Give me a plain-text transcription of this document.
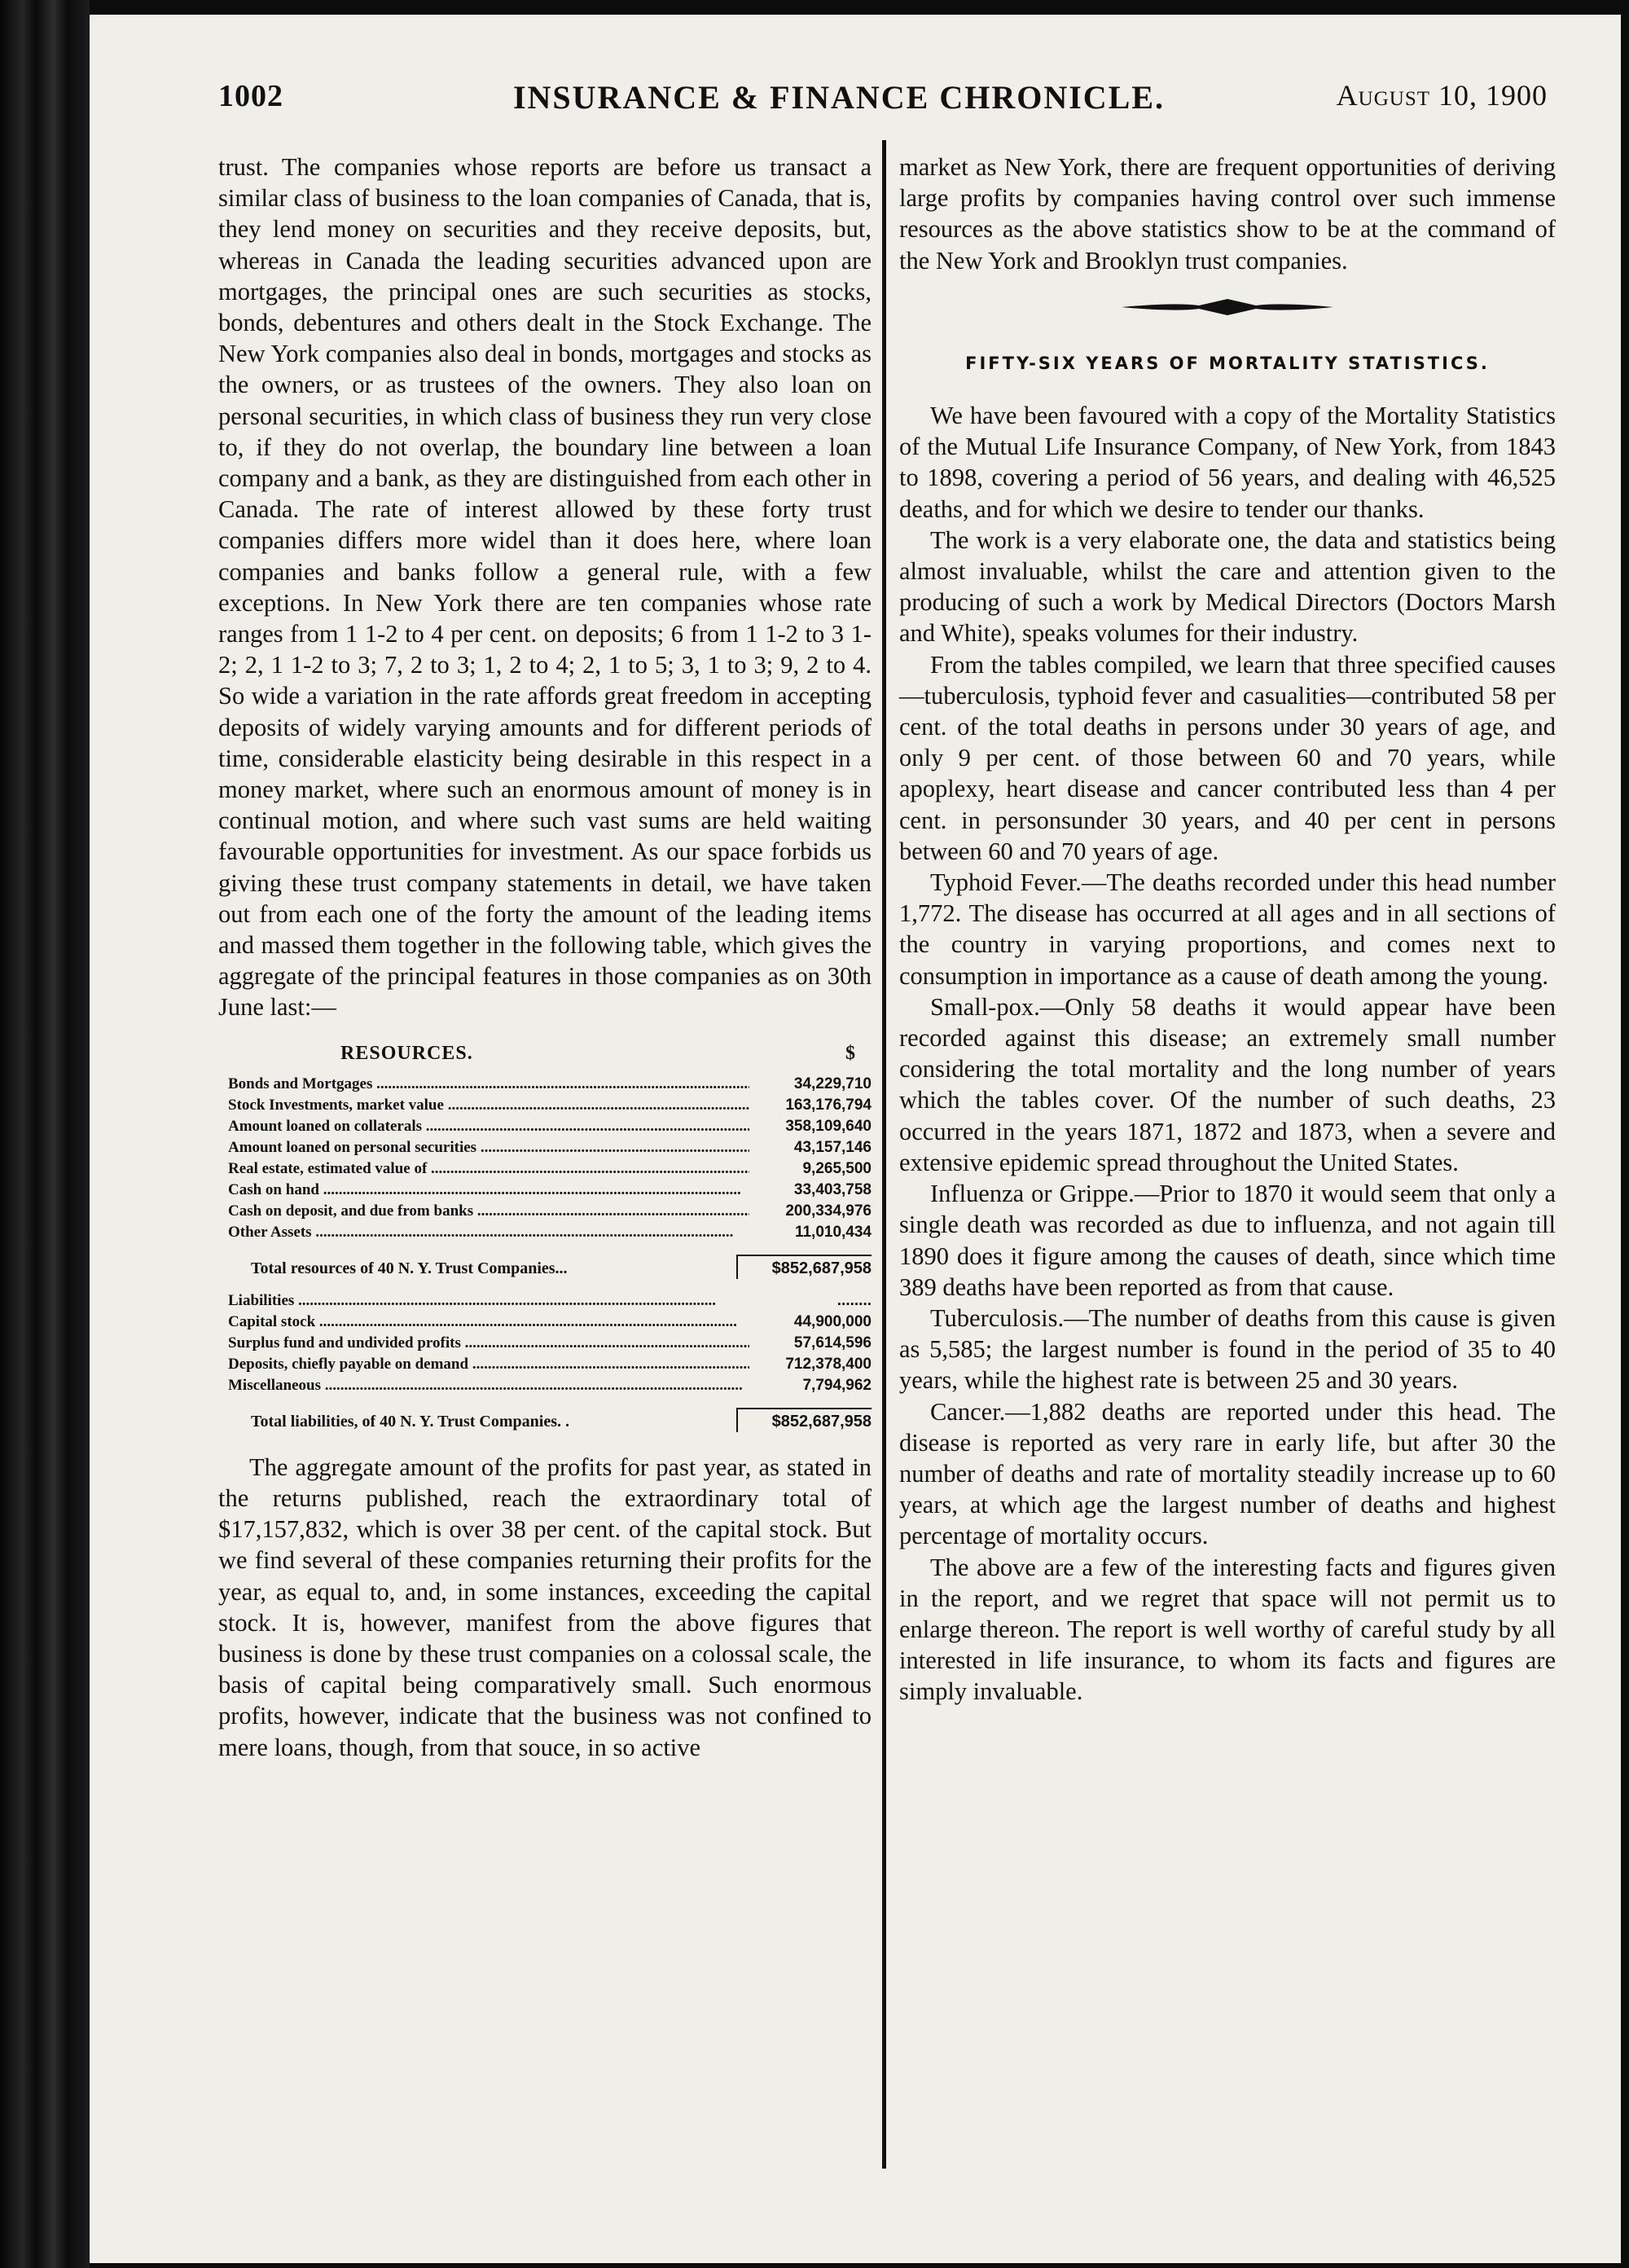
1002	INSURANCE & FINANCE CHRONICLE.	August 10, 1900

trust. The companies whose reports are before us transact a similar class of business to the loan companies of Canada, that is, they lend money on securities and they receive deposits, but, whereas in Canada the leading securities advanced upon are mortgages, the principal ones are such securities as stocks, bonds, debentures and others dealt in the Stock Exchange. The New York companies also deal in bonds, mortgages and stocks as the owners, or as trustees of the owners. They also loan on personal securities, in which class of business they run very close to, if they do not overlap, the boundary line between a loan company and a bank, as they are distinguished from each other in Canada. The rate of interest allowed by these forty trust companies differs more widel than it does here, where loan companies and banks follow a general rule, with a few exceptions. In New York there are ten companies whose rate ranges from 1 1-2 to 4 per cent. on deposits; 6 from 1 1-2 to 3 1-2; 2, 1 1-2 to 3; 7, 2 to 3; 1, 2 to 4; 2, 1 to 5; 3, 1 to 3; 9, 2 to 4. So wide a variation in the rate affords great freedom in accepting deposits of widely varying amounts and for different periods of time, considerable elasticity being desirable in this respect in a money market, where such an enormous amount of money is in continual motion, and where such vast sums are held waiting favourable opportunities for investment. As our space forbids us giving these trust company statements in detail, we have taken out from each one of the forty the amount of the leading items and massed them together in the following table, which gives the aggregate of the principal features in those companies as on 30th June last:—

RESOURCES.	$
Bonds and Mortgages .....	34,229,710
Stock Investments, market value .....	163,176,794
Amount loaned on collaterals .....	358,109,640
Amount loaned on personal securities .....	43,157,146
Real estate, estimated value of .....	9,265,500
Cash on hand .....	33,403,758
Cash on deposit, and due from banks .....	200,334,976
Other Assets .....	11,010,434
Total resources of 40 N. Y. Trust Companies...	$852,687,958
Liabilities .....	........
Capital stock .....	44,900,000
Surplus fund and undivided profits .....	57,614,596
Deposits, chiefly payable on demand .....	712,378,400
Miscellaneous .....	7,794,962
Total liabilities, of 40 N. Y. Trust Companies. .	$852,687,958

The aggregate amount of the profits for past year, as stated in the returns published, reach the extraordinary total of $17,157,832, which is over 38 per cent. of the capital stock. But we find several of these companies returning their profits for the year, as equal to, and, in some instances, exceeding the capital stock. It is, however, manifest from the above figures that business is done by these trust companies on a colossal scale, the basis of capital being comparatively small. Such enormous profits, however, indicate that the business was not confined to mere loans, though, from that souce, in so active

market as New York, there are frequent opportunities of deriving large profits by companies having control over such immense resources as the above statistics show to be at the command of the New York and Brooklyn trust companies.

FIFTY-SIX YEARS OF MORTALITY STATISTICS.

We have been favoured with a copy of the Mortality Statistics of the Mutual Life Insurance Company, of New York, from 1843 to 1898, covering a period of 56 years, and dealing with 46,525 deaths, and for which we desire to tender our thanks.

The work is a very elaborate one, the data and statistics being almost invaluable, whilst the care and attention given to the producing of such a work by Medical Directors (Doctors Marsh and White), speaks volumes for their industry.

From the tables compiled, we learn that three specified causes—tuberculosis, typhoid fever and casualities—contributed 58 per cent. of the total deaths in persons under 30 years of age, and only 9 per cent. of those between 60 and 70 years, while apoplexy, heart disease and cancer contributed less than 4 per cent. in personsunder 30 years, and 40 per cent in persons between 60 and 70 years of age.

Typhoid Fever.—The deaths recorded under this head number 1,772. The disease has occurred at all ages and in all sections of the country in varying proportions, and comes next to consumption in importance as a cause of death among the young.

Small-pox.—Only 58 deaths it would appear have been recorded against this disease; an extremely small number considering the total mortality and the long number of years which the tables cover. Of the number of such deaths, 23 occurred in the years 1871, 1872 and 1873, when a severe and extensive epidemic spread throughout the United States.

Influenza or Grippe.—Prior to 1870 it would seem that only a single death was recorded as due to influenza, and not again till 1890 does it figure among the causes of death, since which time 389 deaths have been reported as from that cause.

Tuberculosis.—The number of deaths from this cause is given as 5,585; the largest number is found in the period of 35 to 40 years, while the highest rate is between 25 and 30 years.

Cancer.—1,882 deaths are reported under this head. The disease is reported as very rare in early life, but after 30 the number of deaths and rate of mortality steadily increase up to 60 years, at which age the largest number of deaths and highest percentage of mortality occurs.

The above are a few of the interesting facts and figures given in the report, and we regret that space will not permit us to enlarge thereon. The report is well worthy of careful study by all interested in life insurance, to whom its facts and figures are simply invaluable.
